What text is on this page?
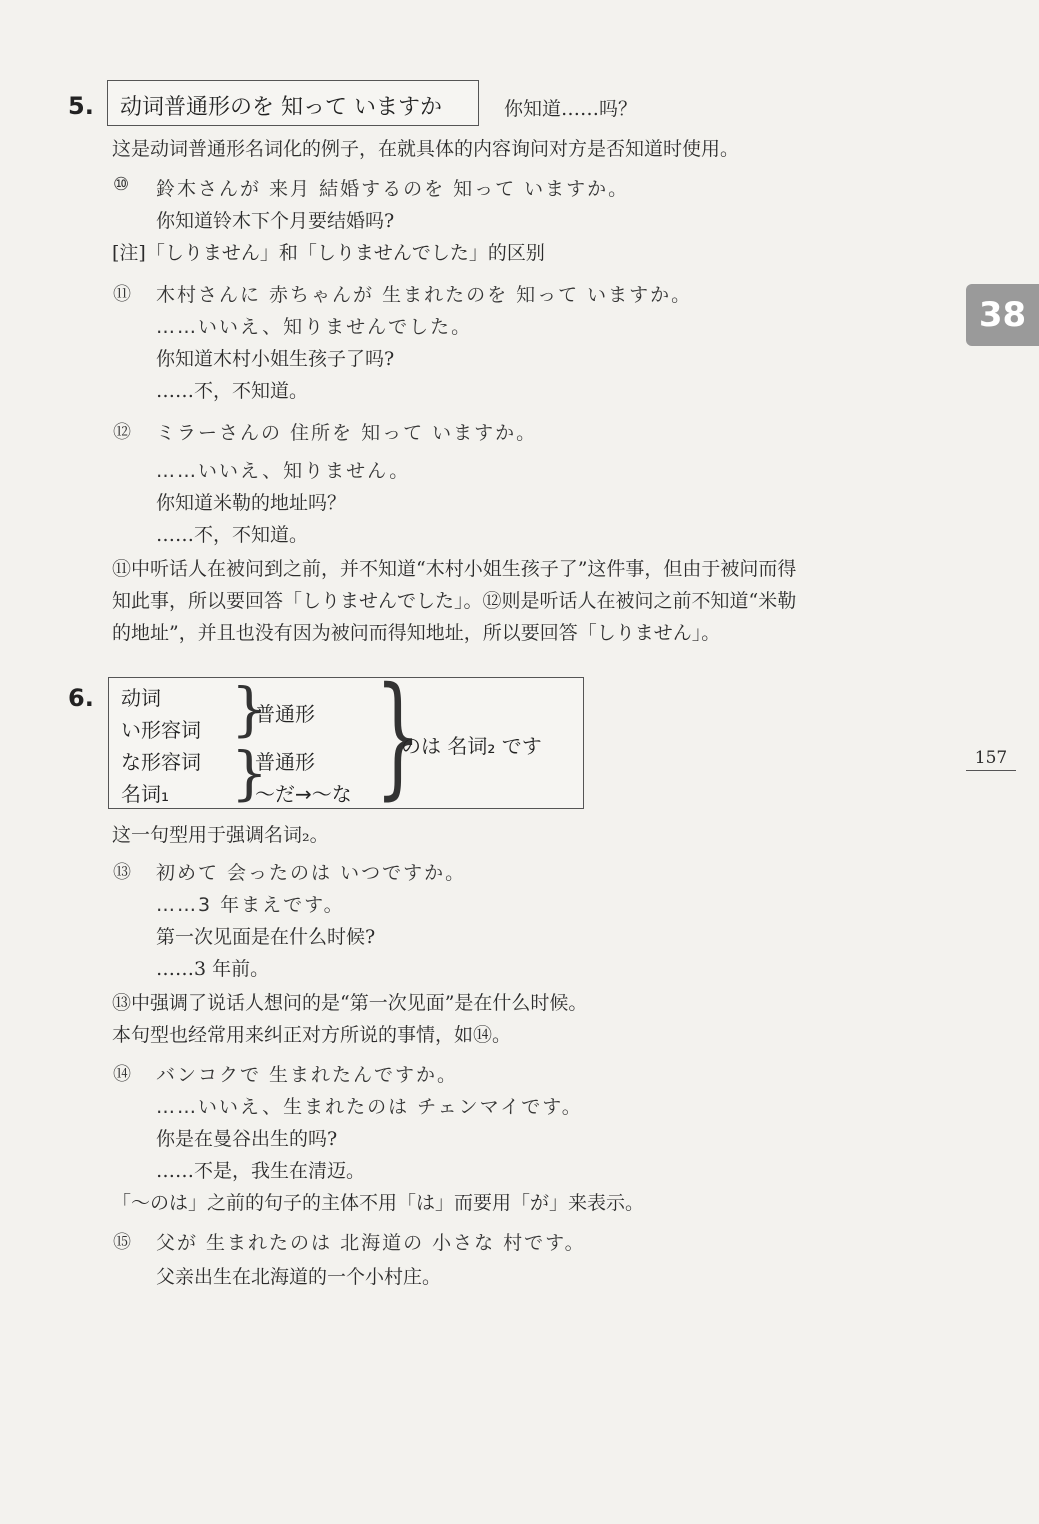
38
157
5. 动词普通形のを 知って いますか	你知道……吗？
这是动词普通形名词化的例子，在就具体的内容询问对方是否知道时使用。
⑩ 鈴木さんが 来月 結婚するのを 知って いますか。
你知道铃木下个月要结婚吗?
[注]「しりません」和「しりませんでした」的区别
⑪ 木村さんに 赤ちゃんが 生まれたのを 知って いますか。
……いいえ、知りませんでした。
你知道木村小姐生孩子了吗?
……不，不知道。
⑫ ミラーさんの 住所を 知って いますか。
……いいえ、知りません。
你知道米勒的地址吗？
……不，不知道。
⑪中听话人在被问到之前，并不知道“木村小姐生孩子了”这件事，但由于被问而得
知此事，所以要回答「しりませんでした」。⑫则是听话人在被问之前不知道“米勒
的地址”，并且也没有因为被问而得知地址，所以要回答「しりません」。
6. 动词
い形容词
な形容词
名词₁
}
}
普通形
普通形
～だ→～な }
のは 名词₂ です
这一句型用于强调名词₂。
⑬ 初めて 会ったのは いつですか。
……3 年まえです。
第一次见面是在什么时候?
……3 年前。
⑬中强调了说话人想问的是“第一次见面”是在什么时候。
本句型也经常用来纠正对方所说的事情，如⑭。
⑭ バンコクで 生まれたんですか。
……いいえ、生まれたのは チェンマイです。
你是在曼谷出生的吗?
……不是，我生在清迈。
「～のは」之前的句子的主体不用「は」而要用「が」来表示。
⑮ 父が 生まれたのは 北海道の 小さな 村です。
父亲出生在北海道的一个小村庄。
